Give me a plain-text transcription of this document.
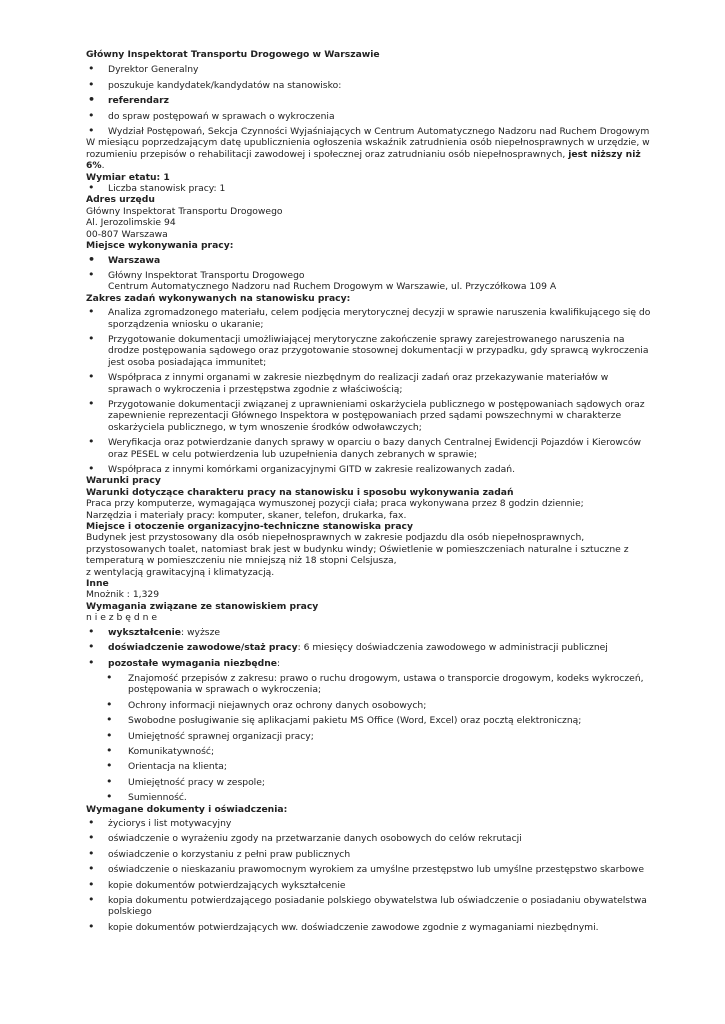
Główny Inspektorat Transportu Drogowego w Warszawie

• Dyrektor Generalny
• poszukuje kandydatek/kandydatów na stanowisko:
• referendarz
• do spraw postępowań w sprawach o wykroczenia
• Wydział Postępowań, Sekcja Czynności Wyjaśniających w Centrum Automatycznego Nadzoru nad Ruchem Drogowym

W miesiącu poprzedzającym datę upublicznienia ogłoszenia wskaźnik zatrudnienia osób niepełnosprawnych w urzędzie, w rozumieniu przepisów o rehabilitacji zawodowej i społecznej oraz zatrudnianiu osób niepełnosprawnych, jest niższy niż 6%.

Wymiar etatu: 1

• Liczba stanowisk pracy: 1

Adres urzędu

Główny Inspektorat Transportu Drogowego

Al. Jerozolimskie 94

00-807 Warszawa

Miejsce wykonywania pracy:

• Warszawa
• Główny Inspektorat Transportu Drogowego
Centrum Automatycznego Nadzoru nad Ruchem Drogowym w Warszawie, ul. Przyczółkowa 109 A

Zakres zadań wykonywanych na stanowisku pracy:

• Analiza zgromadzonego materiału, celem podjęcia merytorycznej decyzji w sprawie naruszenia kwalifikującego się do sporządzenia wniosku o ukaranie;
• Przygotowanie dokumentacji umożliwiającej merytoryczne zakończenie sprawy zarejestrowanego naruszenia na drodze postępowania sądowego oraz przygotowanie stosownej dokumentacji w przypadku, gdy sprawcą wykroczenia jest osoba posiadająca immunitet;
• Współpraca z innymi organami w zakresie niezbędnym do realizacji zadań oraz przekazywanie materiałów w sprawach o wykroczenia i przestępstwa zgodnie z właściwością;
• Przygotowanie dokumentacji związanej z uprawnieniami oskarżyciela publicznego w postępowaniach sądowych oraz zapewnienie reprezentacji Głównego Inspektora w postępowaniach przed sądami powszechnymi w charakterze oskarżyciela publicznego, w tym wnoszenie środków odwoławczych;
• Weryfikacja oraz potwierdzanie danych sprawy w oparciu o bazy danych Centralnej Ewidencji Pojazdów i Kierowców oraz PESEL w celu potwierdzenia lub uzupełnienia danych zebranych w sprawie;
• Współpraca z innymi komórkami organizacyjnymi GITD w zakresie realizowanych zadań.

Warunki pracy

Warunki dotyczące charakteru pracy na stanowisku i sposobu wykonywania zadań

Praca przy komputerze, wymagająca wymuszonej pozycji ciała; praca wykonywana przez 8 godzin dziennie;

Narzędzia i materiały pracy: komputer, skaner, telefon, drukarka, fax.

Miejsce i otoczenie organizacyjno-techniczne stanowiska pracy

Budynek jest przystosowany dla osób niepełnosprawnych w zakresie podjazdu dla osób niepełnosprawnych, przystosowanych toalet, natomiast brak jest w budynku windy; Oświetlenie w pomieszczeniach naturalne i sztuczne z temperaturą w pomieszczeniu nie mniejszą niż 18 stopni Celsjusza,

z wentylacją grawitacyjną i klimatyzacją.

Inne

Mnożnik : 1,329

Wymagania związane ze stanowiskiem pracy

n i e z b ę d n e

• wykształcenie: wyższe
• doświadczenie zawodowe/staż pracy: 6 miesięcy doświadczenia zawodowego w administracji publicznej
• pozostałe wymagania niezbędne:
• Znajomość przepisów z zakresu: prawo o ruchu drogowym, ustawa o transporcie drogowym, kodeks wykroczeń, postępowania w sprawach o wykroczenia;
• Ochrony informacji niejawnych oraz ochrony danych osobowych;
• Swobodne posługiwanie się aplikacjami pakietu MS Office (Word, Excel) oraz pocztą elektroniczną;
• Umiejętność sprawnej organizacji pracy;
• Komunikatywność;
• Orientacja na klienta;
• Umiejętność pracy w zespole;
• Sumienność.

Wymagane dokumenty i oświadczenia:

• życiorys i list motywacyjny
• oświadczenie o wyrażeniu zgody na przetwarzanie danych osobowych do celów rekrutacji
• oświadczenie o korzystaniu z pełni praw publicznych
• oświadczenie o nieskazaniu prawomocnym wyrokiem za umyślne przestępstwo lub umyślne przestępstwo skarbowe
• kopie dokumentów potwierdzających wykształcenie
• kopia dokumentu potwierdzającego posiadanie polskiego obywatelstwa lub oświadczenie o posiadaniu obywatelstwa polskiego
• kopie dokumentów potwierdzających ww. doświadczenie zawodowe zgodnie z wymaganiami niezbędnymi.
